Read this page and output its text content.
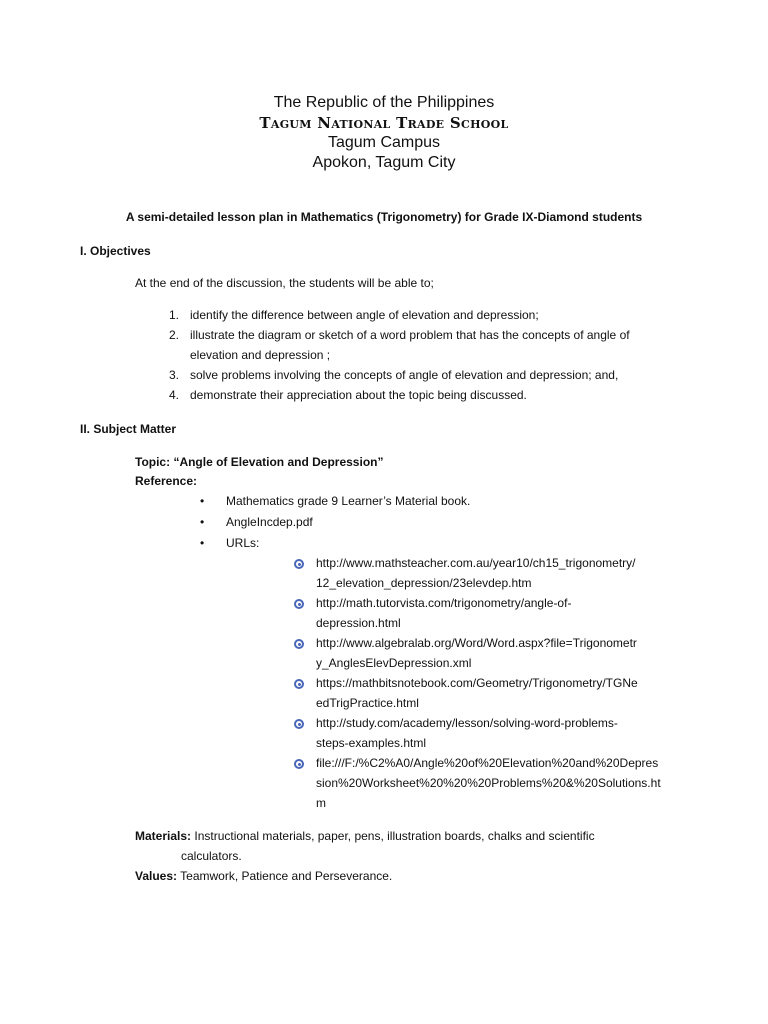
The Republic of the Philippines
Tagum National Trade School
Tagum Campus
Apokon, Tagum City
A semi-detailed lesson plan in Mathematics (Trigonometry) for Grade IX-Diamond students
I. Objectives
At the end of the discussion, the students will be able to;
1. identify the difference between angle of elevation and depression;
2. illustrate the diagram or sketch of a word problem that has the concepts of angle of
elevation and depression ;
3. solve problems involving the concepts of angle of elevation and depression; and,
4. demonstrate their appreciation about the topic being discussed.
II. Subject Matter
Topic: “Angle of Elevation and Depression”
Reference:
• Mathematics grade 9 Learner’s Material book.
• AngleIncdep.pdf
• URLs:
http://www.mathsteacher.com.au/year10/ch15_trigonometry/
12_elevation_depression/23elevdep.htm
http://math.tutorvista.com/trigonometry/angle-of-
depression.html
http://www.algebralab.org/Word/Word.aspx?file=Trigonometr
y_AnglesElevDepression.xml
https://mathbitsnotebook.com/Geometry/Trigonometry/TGNe
edTrigPractice.html
http://study.com/academy/lesson/solving-word-problems-
steps-examples.html
file:///F:/%C2%A0/Angle%20of%20Elevation%20and%20Depres
sion%20Worksheet%20%20%20Problems%20&%20Solutions.ht
m
Materials: Instructional materials, paper, pens, illustration boards, chalks and scientific
calculators.
Values: Teamwork, Patience and Perseverance.
